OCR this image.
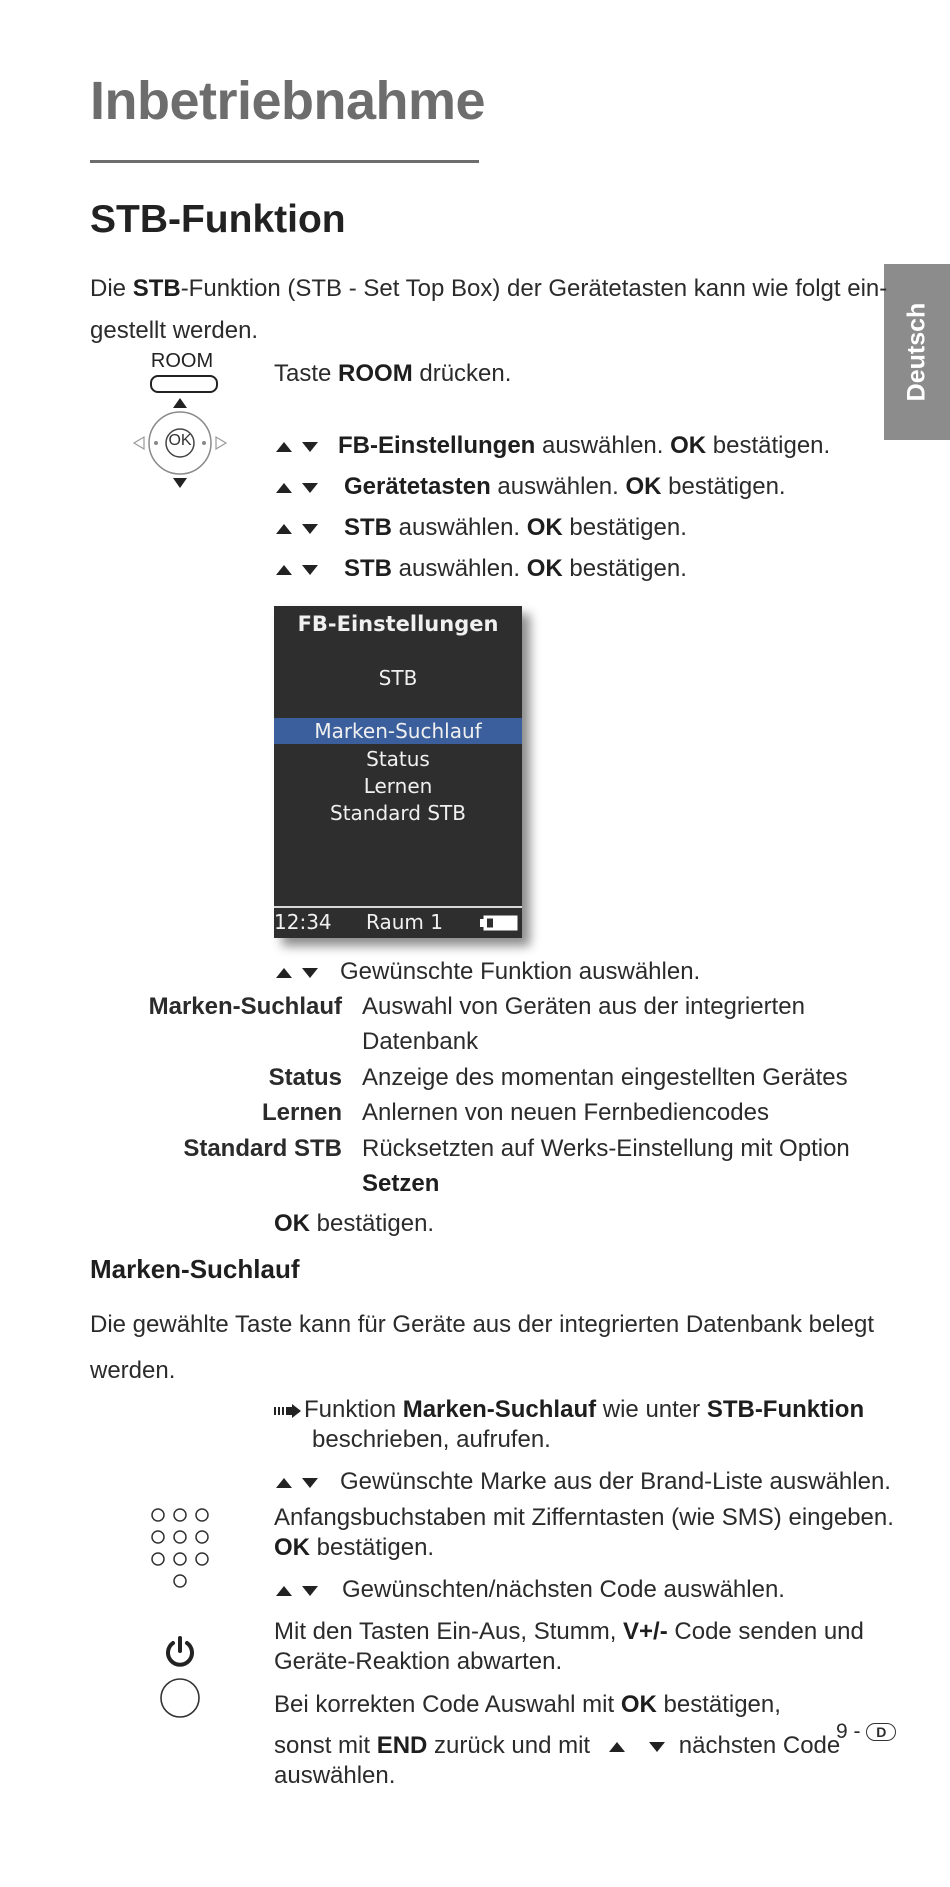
Deutsch
Inbetriebnahme
STB-Funktion
Die STB-Funktion (STB - Set Top Box) der Gerätetasten kann wie folgt ein-
gestellt werden.
ROOM
OK
Taste ROOM drücken.
FB-Einstellungen auswählen. OK bestätigen.
Gerätetasten auswählen. OK bestätigen.
STB auswählen. OK bestätigen.
STB auswählen. OK bestätigen.
FB-Einstellungen
STB
Marken-Suchlauf
Status
Lernen
Standard STB
12:34 Raum 1
Gewünschte Funktion auswählen.
Marken-Suchlauf Auswahl von Geräten aus der integrierten
Datenbank
Status Anzeige des momentan eingestellten Gerätes
Lernen Anlernen von neuen Fernbediencodes
Standard STB Rücksetzten auf Werks-Einstellung mit Option
Setzen
OK bestätigen.
Marken-Suchlauf
Die gewählte Taste kann für Geräte aus der integrierten Datenbank belegt
werden.
Funktion Marken-Suchlauf wie unter STB-Funktion
beschrieben, aufrufen.
Gewünschte Marke aus der Brand-Liste auswählen.
Anfangsbuchstaben mit Zifferntasten (wie SMS) eingeben.
OK bestätigen.
Gewünschten/nächsten Code auswählen.
Mit den Tasten Ein-Aus, Stumm, V+/- Code senden und
Geräte-Reaktion abwarten.
Bei korrekten Code Auswahl mit OK bestätigen,
sonst mit END zurück und mit	nächsten Code
auswählen.
9 - D
